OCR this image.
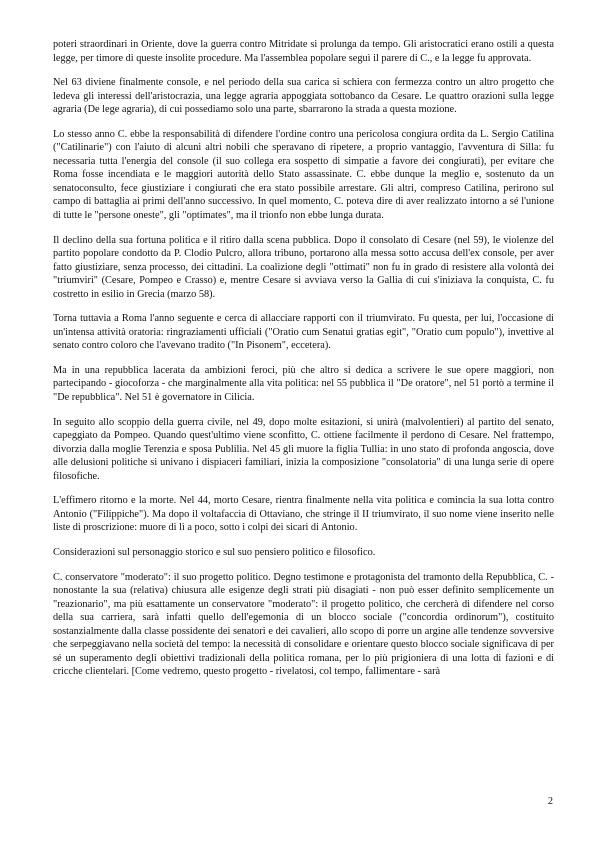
poteri straordinari in Oriente, dove la guerra contro Mitridate si prolunga da tempo. Gli aristocratici erano ostili a questa legge, per timore di queste insolite procedure. Ma l'assemblea popolare seguì il parere di C., e la legge fu approvata.

Nel 63 diviene finalmente console, e nel periodo della sua carica si schiera con fermezza contro un altro progetto che ledeva gli interessi dell'aristocrazia, una legge agraria appoggiata sottobanco da Cesare. Le quattro orazioni sulla legge agraria (De lege agraria), di cui possediamo solo una parte, sbarrarono la strada a questa mozione.

Lo stesso anno C. ebbe la responsabilità di difendere l'ordine contro una pericolosa congiura ordita da L. Sergio Catilina ("Catilinarie") con l'aiuto di alcuni altri nobili che speravano di ripetere, a proprio vantaggio, l'avventura di Silla: fu necessaria tutta l'energia del console (il suo collega era sospetto di simpatie a favore dei congiurati), per evitare che Roma fosse incendiata e le maggiori autorità dello Stato assassinate. C. ebbe dunque la meglio e, sostenuto da un senatoconsulto, fece giustiziare i congiurati che era stato possibile arrestare. Gli altri, compreso Catilina, perirono sul campo di battaglia ai primi dell'anno successivo. In quel momento, C. poteva dire di aver realizzato intorno a sé l'unione di tutte le "persone oneste", gli "optimates", ma il trionfo non ebbe lunga durata.

Il declino della sua fortuna politica e il ritiro dalla scena pubblica. Dopo il consolato di Cesare (nel 59), le violenze del partito popolare condotto da P. Clodio Pulcro, allora tribuno, portarono alla messa sotto accusa dell'ex console, per aver fatto giustiziare, senza processo, dei cittadini. La coalizione degli "ottimati" non fu in grado di resistere alla volontà dei "triumviri" (Cesare, Pompeo e Crasso) e, mentre Cesare si avviava verso la Gallia di cui s'iniziava la conquista, C. fu costretto in esilio in Grecia (marzo 58).

Torna tuttavia a Roma l'anno seguente e cerca di allacciare rapporti con il triumvirato. Fu questa, per lui, l'occasione di un'intensa attività oratoria: ringraziamenti ufficiali ("Oratio cum Senatui gratias egit", "Oratio cum populo"), invettive al senato contro coloro che l'avevano tradito ("In Pisonem", eccetera).

Ma in una repubblica lacerata da ambizioni feroci, più che altro si dedica a scrivere le sue opere maggiori, non partecipando - giocoforza - che marginalmente alla vita politica: nel 55 pubblica il "De oratore", nel 51 portò a termine il "De repubblica". Nel 51 è governatore in Cilicia.

In seguito allo scoppio della guerra civile, nel 49, dopo molte esitazioni, si unirà (malvolentieri) al partito del senato, capeggiato da Pompeo. Quando quest'ultimo viene sconfitto, C. ottiene facilmente il perdono di Cesare. Nel frattempo, divorzia dalla moglie Terenzia e sposa Publilia. Nel 45 gli muore la figlia Tullia: in uno stato di profonda angoscia, dove alle delusioni politiche si univano i dispiaceri familiari, inizia la composizione "consolatoria" di una lunga serie di opere filosofiche.

L'effimero ritorno e la morte. Nel 44, morto Cesare, rientra finalmente nella vita politica e comincia la sua lotta contro Antonio ("Filippiche"). Ma dopo il voltafaccia di Ottaviano, che stringe il II triumvirato, il suo nome viene inserito nelle liste di proscrizione: muore di lì a poco, sotto i colpi dei sicari di Antonio.

Considerazioni sul personaggio storico e sul suo pensiero politico e filosofico.

C. conservatore "moderato": il suo progetto politico. Degno testimone e protagonista del tramonto della Repubblica, C. - nonostante la sua (relativa) chiusura alle esigenze degli strati più disagiati - non può esser definito semplicemente un "reazionario", ma più esattamente un conservatore "moderato": il progetto politico, che cercherà di difendere nel corso della sua carriera, sarà infatti quello dell'egemonia di un blocco sociale ("concordia ordinorum"), costituito sostanzialmente dalla classe possidente dei senatori e dei cavalieri, allo scopo di porre un argine alle tendenze sovversive che serpeggiavano nella società del tempo: la necessità di consolidare e orientare questo blocco sociale significava di per sé un superamento degli obiettivi tradizionali della politica romana, per lo più prigioniera di una lotta di fazioni e di cricche clientelari. [Come vedremo, questo progetto - rivelatosi, col tempo, fallimentare - sarà

2
